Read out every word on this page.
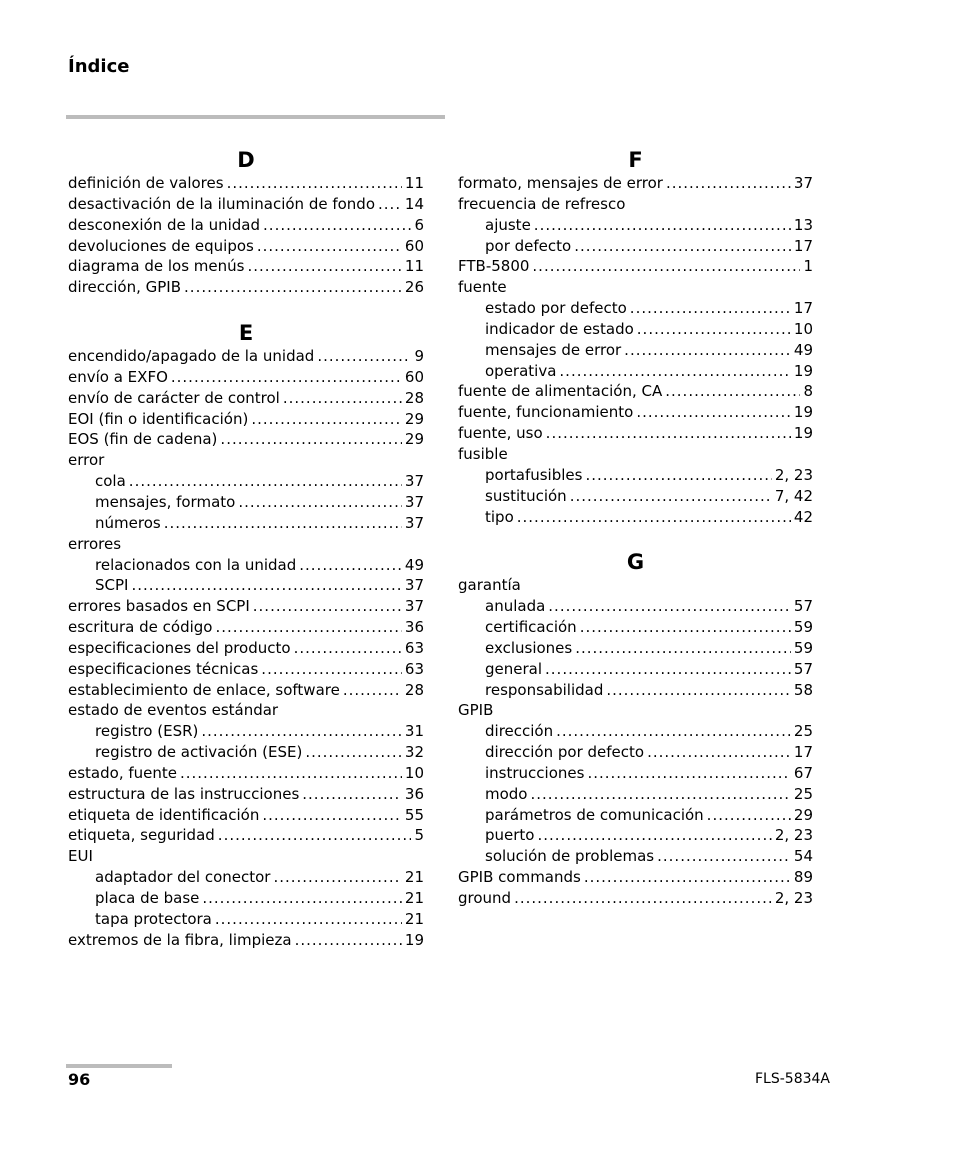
Índice
D
definición de valores .....	11
desactivación de la iluminación de fondo ..... 14
desconexión de la unidad .....	6
devoluciones de equipos .....	60
diagrama de los menús .....	11
dirección, GPIB .....	26
E
encendido/apagado de la unidad .....	9
envío a EXFO .....	60
envío de carácter de control .....	28
EOI (fin o identificación) .....	29
EOS (fin de cadena) .....	29
error
cola .....	37
mensajes, formato .....	37
números .....	37
errores
relacionados con la unidad .....	49
SCPI .....	37
errores basados en SCPI .....	37
escritura de código .....	36
especificaciones del producto .....	63
especificaciones técnicas .....	63
establecimiento de enlace, software .....	28
estado de eventos estándar
registro (ESR) .....	31
registro de activación (ESE) .....	32
estado, fuente .....	10
estructura de las instrucciones .....	36
etiqueta de identificación .....	55
etiqueta, seguridad .....	5
EUI
adaptador del conector .....	21
placa de base .....	21
tapa protectora .....	21
extremos de la fibra, limpieza .....	19
F
formato, mensajes de error .....	37
frecuencia de refresco
ajuste .....	13
por defecto .....	17
FTB-5800 .....	1
fuente
estado por defecto .....	17
indicador de estado .....	10
mensajes de error .....	49
operativa .....	19
fuente de alimentación, CA .....	8
fuente, funcionamiento .....	19
fuente, uso .....	19
fusible
portafusibles .....	2, 23
sustitución .....	7, 42
tipo .....	42
G
garantía
anulada .....	57
certificación .....	59
exclusiones .....	59
general .....	57
responsabilidad .....	58
GPIB
dirección .....	25
dirección por defecto .....	17
instrucciones .....	67
modo .....	25
parámetros de comunicación .....	29
puerto .....	2, 23
solución de problemas .....	54
GPIB commands .....	89
ground .....	2, 23
96	FLS-5834A
